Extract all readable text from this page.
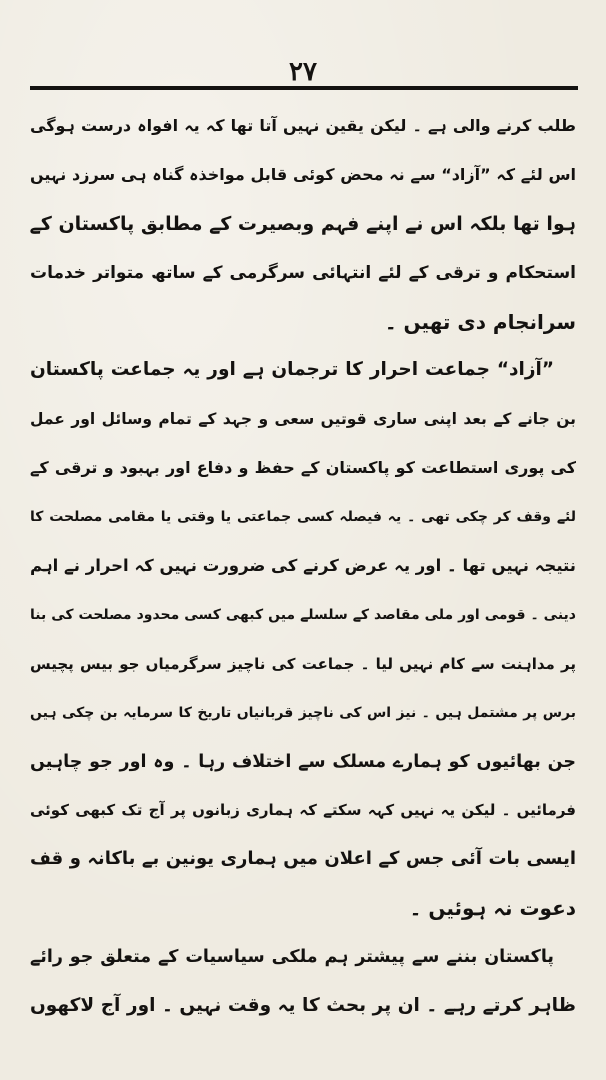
۲۷
طلب کرنے والی ہے ۔ لیکن یقین نہیں آتا تھا کہ یہ افواہ درست ہوگی
اس لئے کہ ”آزاد“ سے نہ محض کوئی قابل مواخذہ گناہ ہی سرزد نہیں
ہوا تھا بلکہ اس نے اپنے فہم وبصیرت کے مطابق پاکستان کے
استحکام و ترقی کے لئے انتہائی سرگرمی کے ساتھ متواتر خدمات
سرانجام دی تھیں ۔
”آزاد“ جماعت احرار کا ترجمان ہے اور یہ جماعت پاکستان
بن جانے کے بعد اپنی ساری قوتیں سعی و جہد کے تمام وسائل اور عمل
کی پوری استطاعت کو پاکستان کے حفظ و دفاع اور بہبود و ترقی کے
لئے وقف کر چکی تھی ۔ یہ فیصلہ کسی جماعتی یا وقتی یا مقامی مصلحت کا
نتیجہ نہیں تھا ۔ اور یہ عرض کرنے کی ضرورت نہیں کہ احرار نے اہم
دینی ۔ قومی اور ملی مقاصد کے سلسلے میں کبھی کسی محدود مصلحت کی بنا
پر مداہنت سے کام نہیں لیا ۔ جماعت کی ناچیز سرگرمیاں جو بیس پچیس
برس پر مشتمل ہیں ۔ نیز اس کی ناچیز قربانیاں تاریخ کا سرمایہ بن چکی ہیں
جن بھائیوں کو ہمارے مسلک سے اختلاف رہا ۔ وہ اور جو چاہیں
فرمائیں ۔ لیکن یہ نہیں کہہ سکتے کہ ہماری زبانوں پر آج تک کبھی کوئی
ایسی بات آئی جس کے اعلان میں ہماری یونین بے باکانہ و قف
دعوت نہ ہوئیں ۔
پاکستان بننے سے پیشتر ہم ملکی سیاسیات کے متعلق جو رائے
ظاہر کرتے رہے ۔ ان پر بحث کا یہ وقت نہیں ۔ اور آج لاکھوں
